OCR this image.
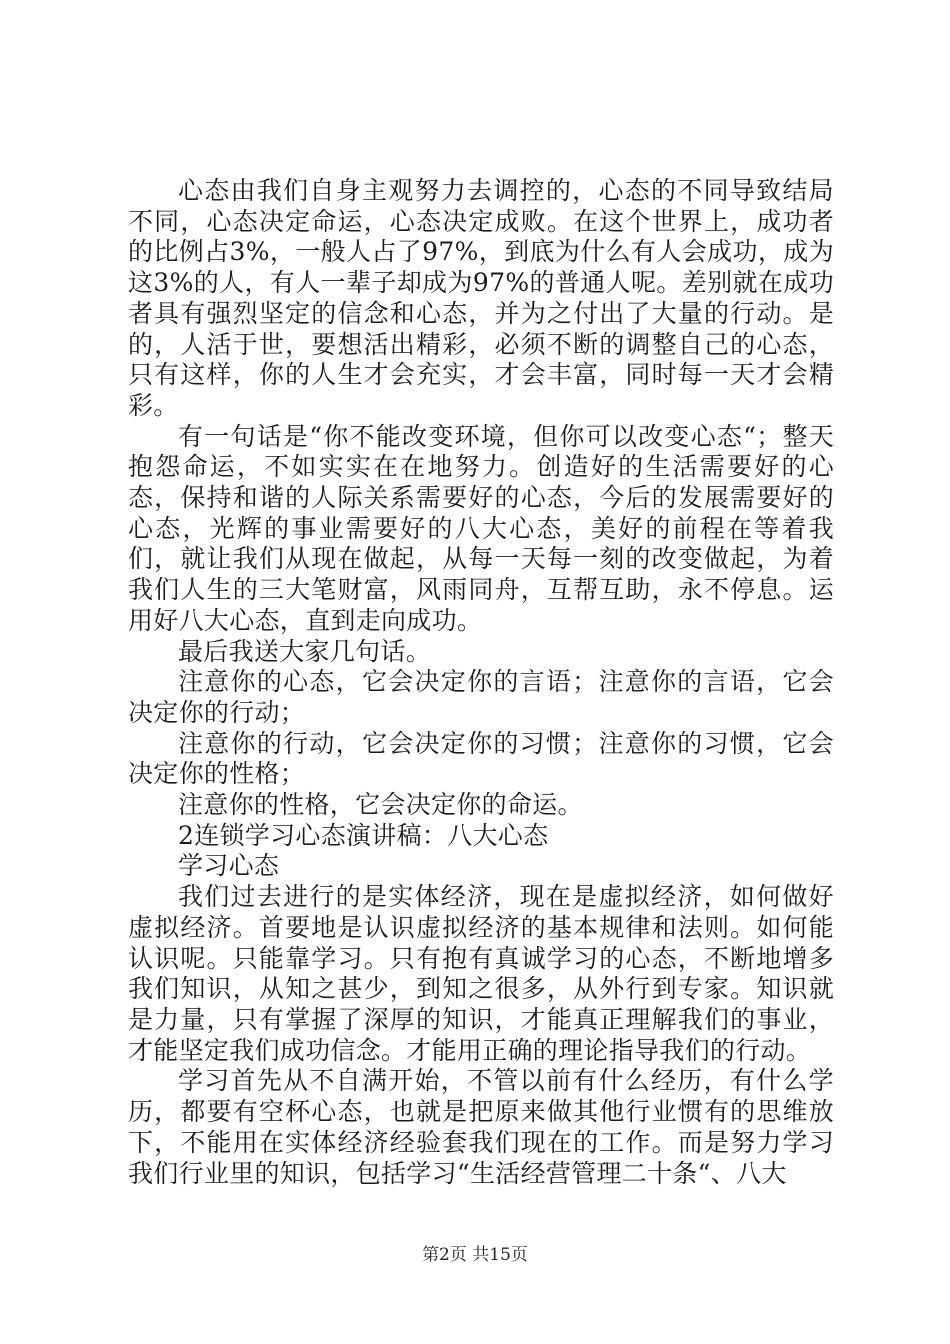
心态由我们自身主观努力去调控的，心态的不同导致结局不同，心态决定命运，心态决定成败。在这个世界上，成功者的比例占3%，一般人占了97%，到底为什么有人会成功，成为这3%的人，有人一辈子却成为97%的普通人呢。差别就在成功者具有强烈坚定的信念和心态，并为之付出了大量的行动。是的，人活于世，要想活出精彩，必须不断的调整自己的心态，只有这样，你的人生才会充实，才会丰富，同时每一天才会精彩。

有一句话是“你不能改变环境，但你可以改变心态“；整天抱怨命运，不如实实在在地努力。创造好的生活需要好的心态，保持和谐的人际关系需要好的心态，今后的发展需要好的心态，光辉的事业需要好的八大心态，美好的前程在等着我们，就让我们从现在做起，从每一天每一刻的改变做起，为着我们人生的三大笔财富，风雨同舟，互帮互助，永不停息。运用好八大心态，直到走向成功。

最后我送大家几句话。

注意你的心态，它会决定你的言语；注意你的言语，它会决定你的行动；

注意你的行动，它会决定你的习惯；注意你的习惯，它会决定你的性格；

注意你的性格，它会决定你的命运。

2连锁学习心态演讲稿：八大心态

学习心态

我们过去进行的是实体经济，现在是虚拟经济，如何做好虚拟经济。首要地是认识虚拟经济的基本规律和法则。如何能认识呢。只能靠学习。只有抱有真诚学习的心态，不断地增多我们知识，从知之甚少，到知之很多，从外行到专家。知识就是力量，只有掌握了深厚的知识，才能真正理解我们的事业，才能坚定我们成功信念。才能用正确的理论指导我们的行动。

学习首先从不自满开始，不管以前有什么经历，有什么学历，都要有空杯心态，也就是把原来做其他行业惯有的思维放下，不能用在实体经济经验套我们现在的工作。而是努力学习我们行业里的知识，包括学习“生活经营管理二十条“、八大

第2页 共15页
